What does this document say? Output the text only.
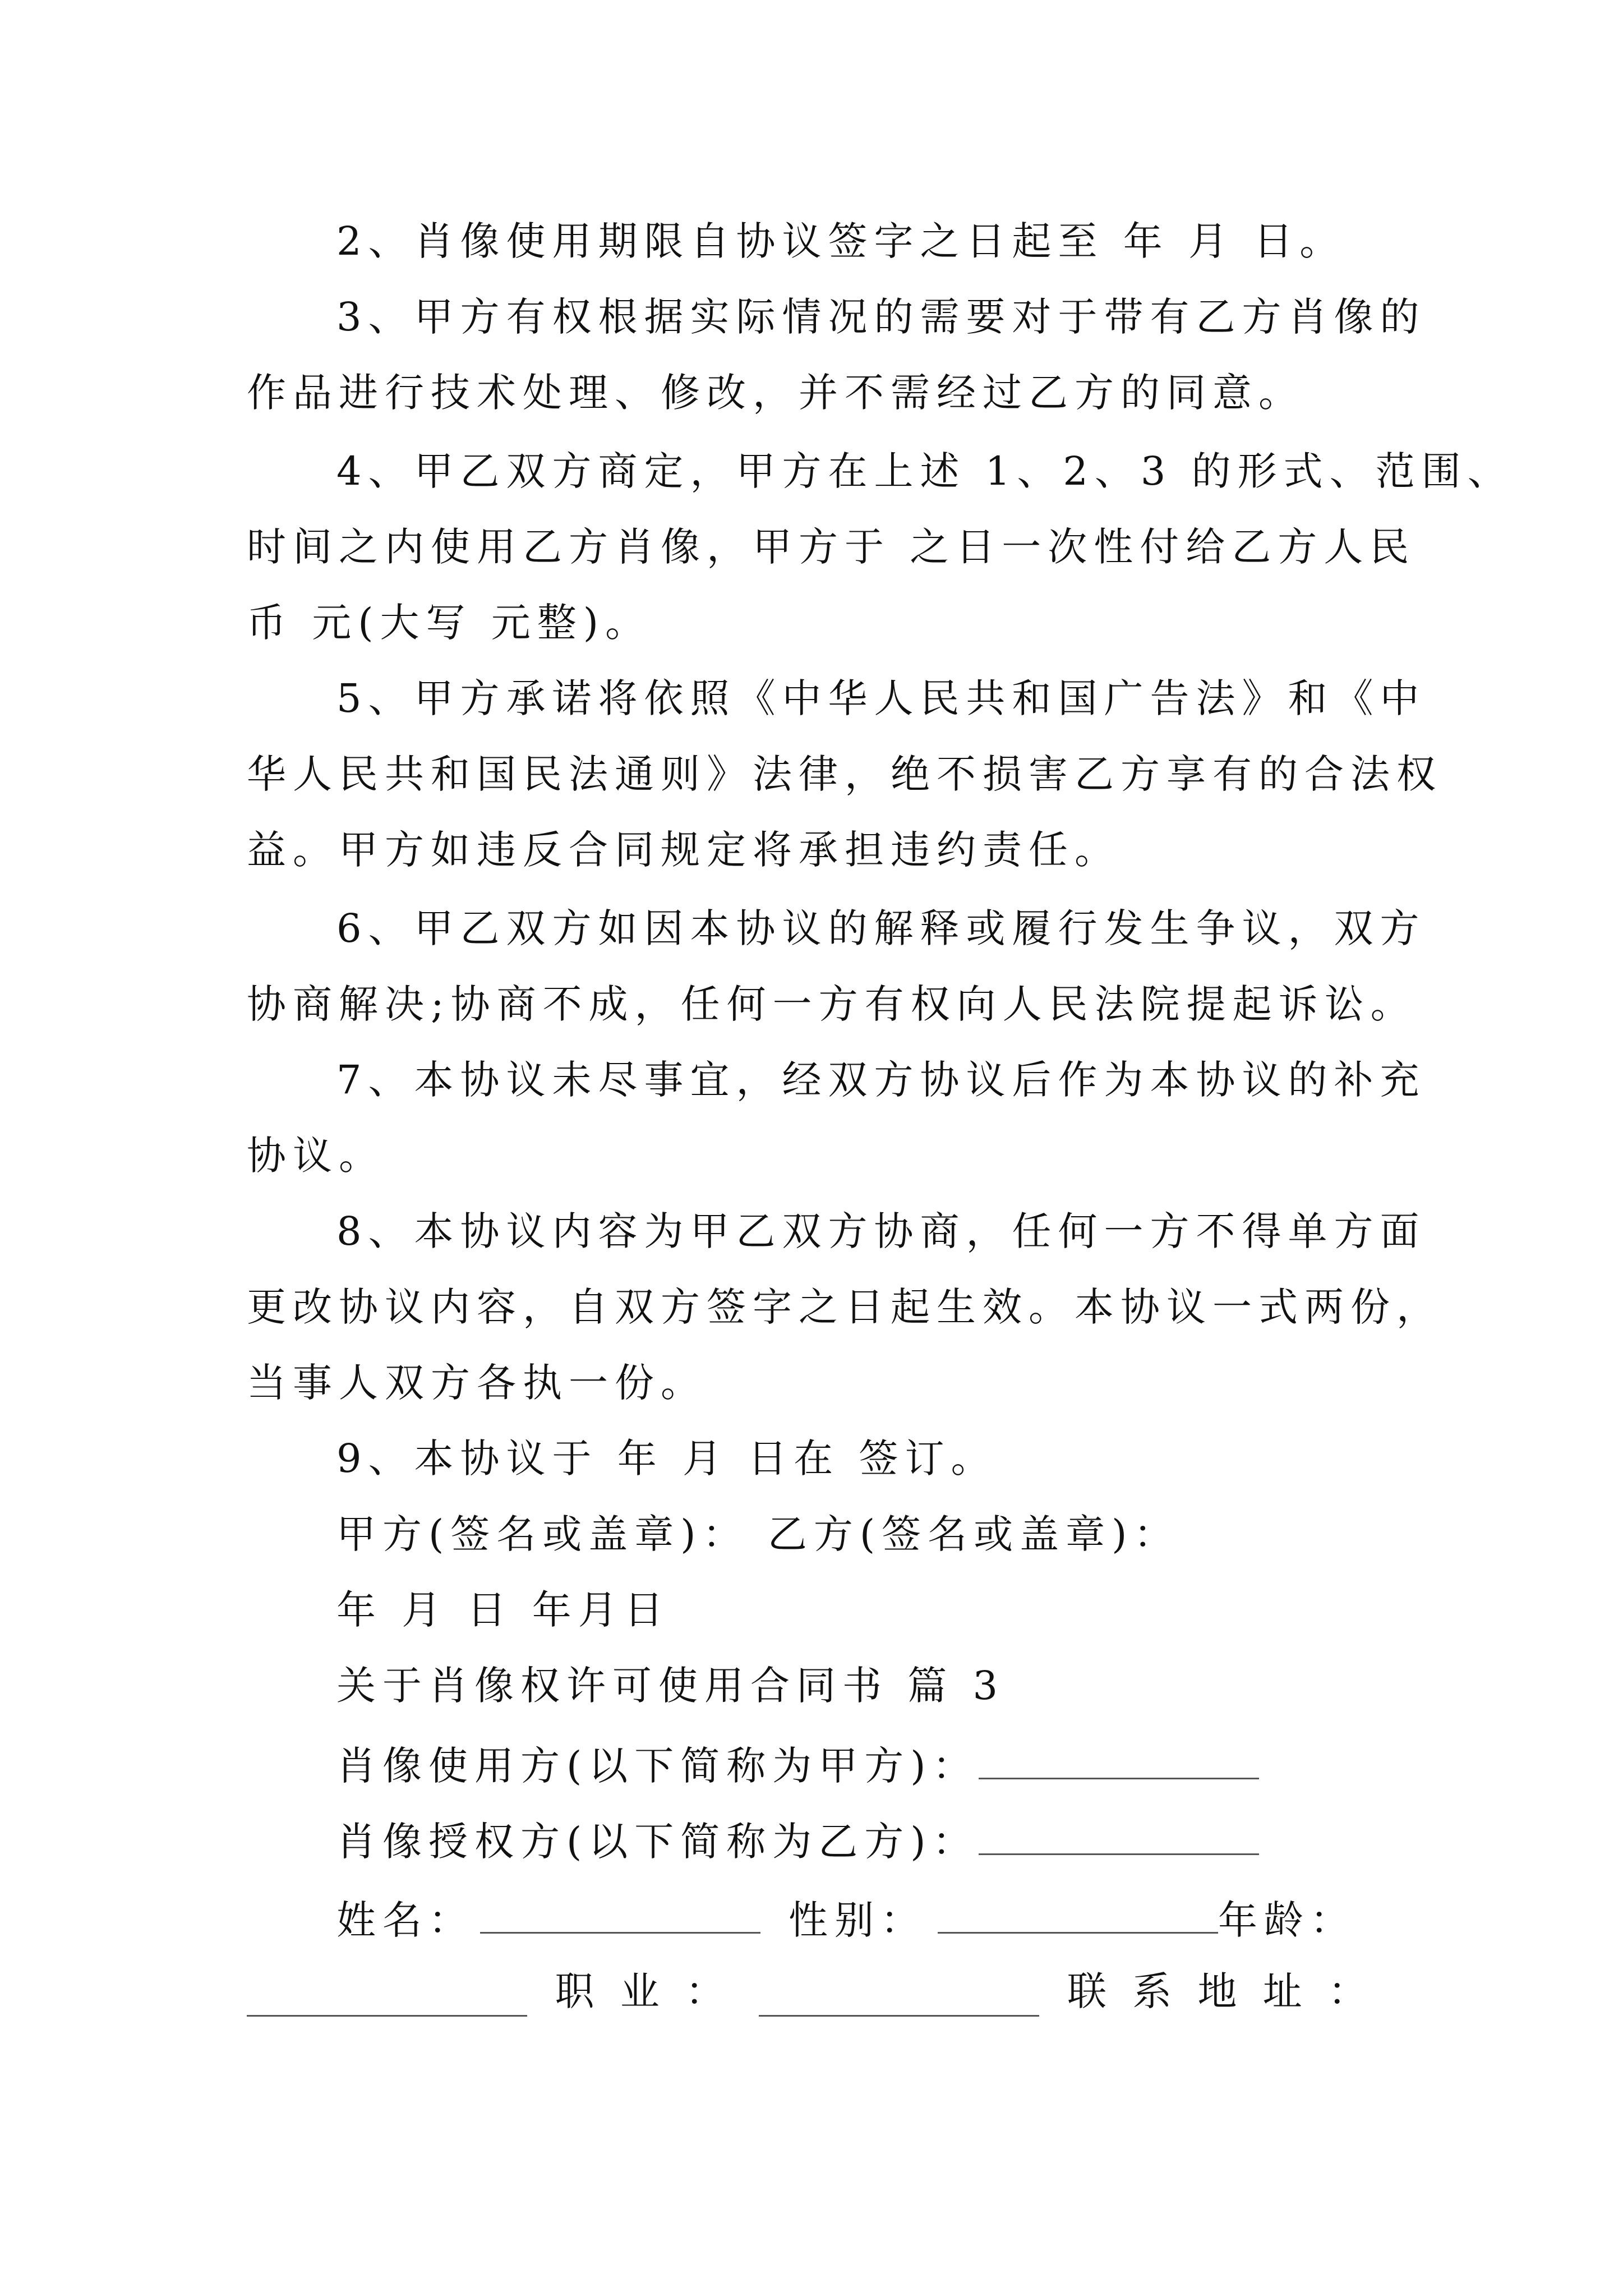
2、肖像使用期限自协议签字之日起至 年 月 日。
3、甲方有权根据实际情况的需要对于带有乙方肖像的
作品进行技术处理、修改，并不需经过乙方的同意。
4、甲乙双方商定，甲方在上述 1、2、3 的形式、范围、
时间之内使用乙方肖像，甲方于 之日一次性付给乙方人民
币 元(大写 元整)。
5、甲方承诺将依照《中华人民共和国广告法》和《中
华人民共和国民法通则》法律，绝不损害乙方享有的合法权
益。甲方如违反合同规定将承担违约责任。
6、甲乙双方如因本协议的解释或履行发生争议，双方
协商解决;协商不成，任何一方有权向人民法院提起诉讼。
7、本协议未尽事宜，经双方协议后作为本协议的补充
协议。
8、本协议内容为甲乙双方协商，任何一方不得单方面
更改协议内容，自双方签字之日起生效。本协议一式两份，
当事人双方各执一份。
9、本协议于 年 月 日在 签订。
甲方(签名或盖章)： 乙方(签名或盖章)：
年 月 日 年月日
关于肖像权许可使用合同书 篇 3
肖像使用方(以下简称为甲方)：
肖像授权方(以下简称为乙方)：
姓名：	性别：	年龄：
职 业 ：	联 系 地 址 ：
